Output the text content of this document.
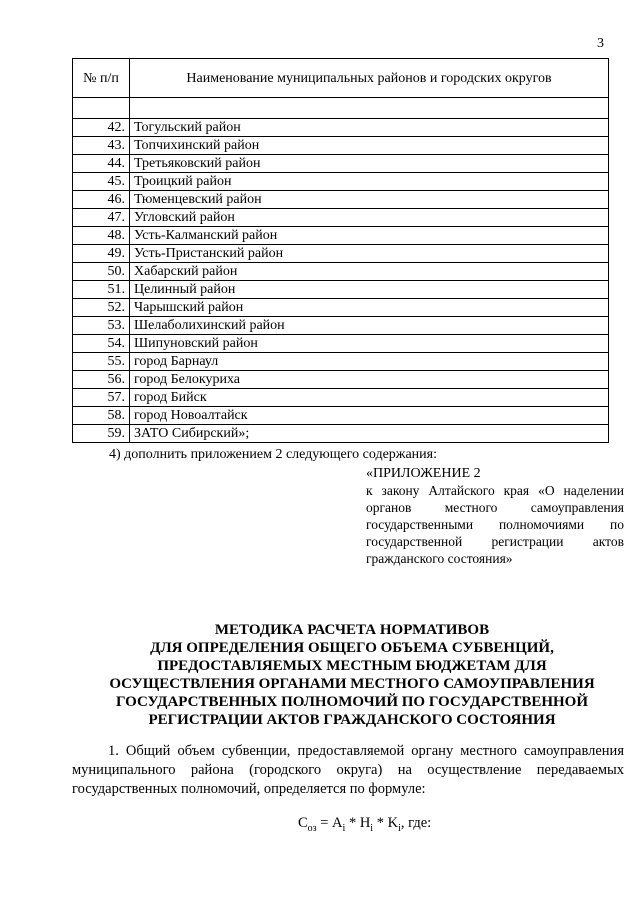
3
№ п/п	Наименование муниципальных районов и городских округов

42.	Тогульский район
43.	Топчихинский район
44.	Третьяковский район
45.	Троицкий район
46.	Тюменцевский район
47.	Угловский район
48.	Усть-Калманский район
49.	Усть-Пристанский район
50.	Хабарский район
51.	Целинный район
52.	Чарышский район
53.	Шелаболихинский район
54.	Шипуновский район
55.	город Барнаул
56.	город Белокуриха
57.	город Бийск
58.	город Новоалтайск
59.	ЗАТО Сибирский»;
4) дополнить приложением 2 следующего содержания:
«ПРИЛОЖЕНИЕ 2
к закону Алтайского края «О наделении органов местного самоуправления государственными полномочиями по государственной регистрации актов гражданского состояния»
МЕТОДИКА РАСЧЕТА НОРМАТИВОВ
ДЛЯ ОПРЕДЕЛЕНИЯ ОБЩЕГО ОБЪЕМА СУБВЕНЦИЙ,
ПРЕДОСТАВЛЯЕМЫХ МЕСТНЫМ БЮДЖЕТАМ ДЛЯ
ОСУЩЕСТВЛЕНИЯ ОРГАНАМИ МЕСТНОГО САМОУПРАВЛЕНИЯ
ГОСУДАРСТВЕННЫХ ПОЛНОМОЧИЙ ПО ГОСУДАРСТВЕННОЙ
РЕГИСТРАЦИИ АКТОВ ГРАЖДАНСКОГО СОСТОЯНИЯ
1. Общий объем субвенции, предоставляемой органу местного самоуправления муниципального района (городского округа) на осуществление передаваемых государственных полномочий, определяется по формуле:
$С_{оз} = A_i * H_i * K_i$, где:
